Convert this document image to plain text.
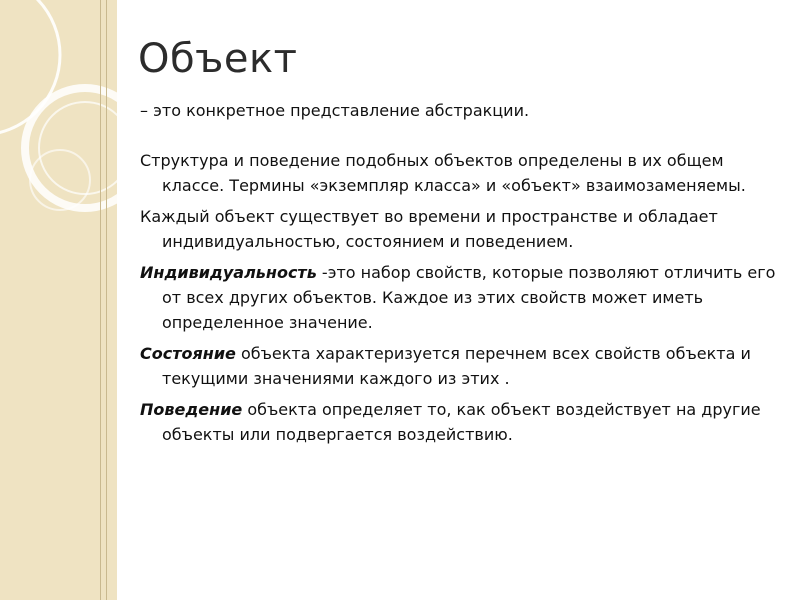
Объект

– это конкретное представление абстракции.

Структура и поведение подобных объектов определены в их общем классе. Термины «экземпляр класса» и «объект» взаимозаменяемы.

Каждый объект существует во времени и пространстве и обладает индивидуальностью, состоянием и поведением.

Индивидуальность -это набор свойств, которые позволяют отличить его от всех других объектов. Каждое из этих свойств может иметь определенное значение.

Состояние объекта характеризуется перечнем всех свойств объекта и текущими значениями каждого из этих .

Поведение объекта определяет то, как объект воздействует на другие объекты или подвергается воздействию.
